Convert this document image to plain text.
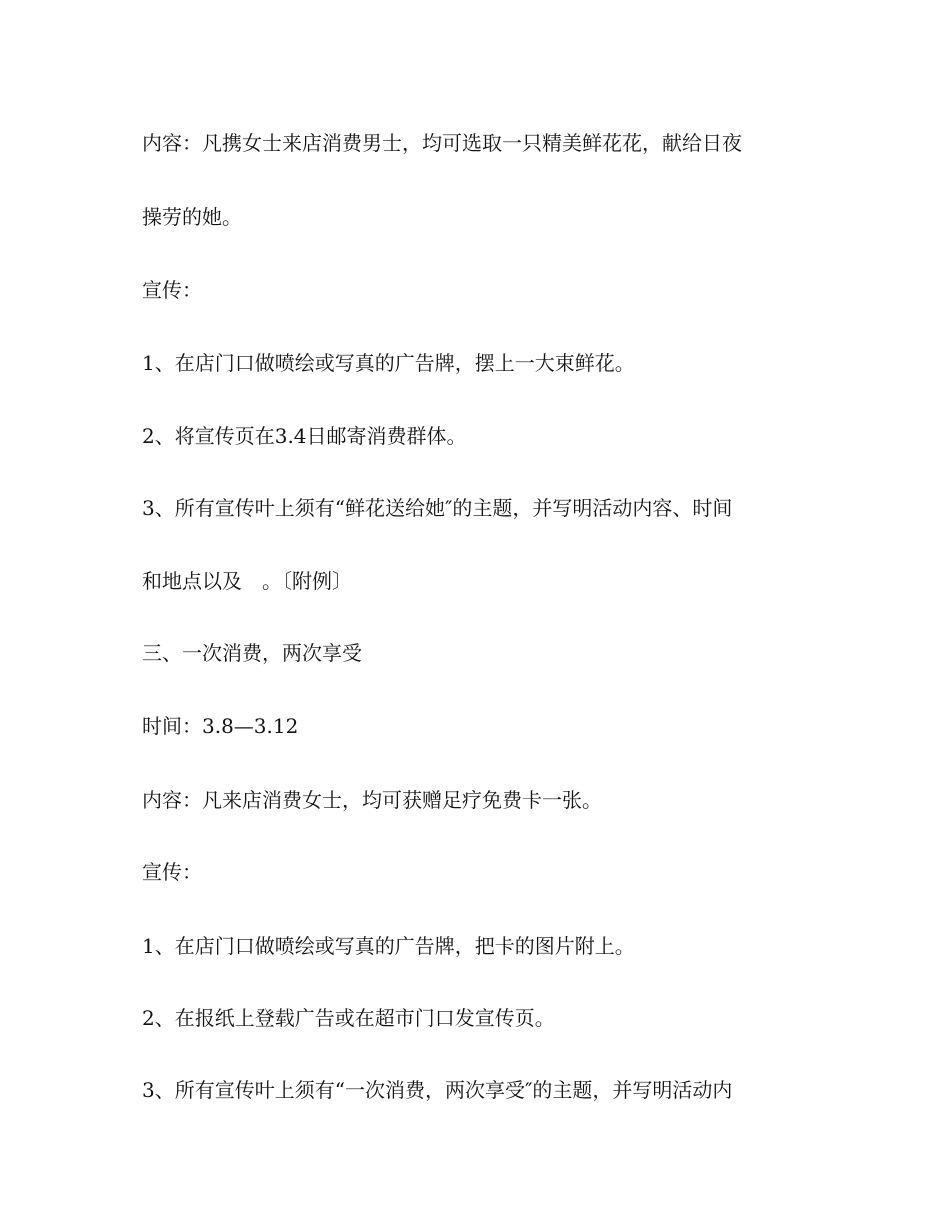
内容：凡携女士来店消费男士，均可选取一只精美鲜花花，献给日夜

操劳的她。

宣传：

1、在店门口做喷绘或写真的广告牌，摆上一大束鲜花。

2、将宣传页在3.4日邮寄消费群体。

3、所有宣传叶上须有“鲜花送给她″的主题，并写明活动内容、时间

和地点以及　。〔附例〕

三、一次消费，两次享受

时间：3.8—3.12

内容：凡来店消费女士，均可获赠足疗免费卡一张。

宣传：

1、在店门口做喷绘或写真的广告牌，把卡的图片附上。

2、在报纸上登载广告或在超市门口发宣传页。

3、所有宣传叶上须有“一次消费，两次享受″的主题，并写明活动内
